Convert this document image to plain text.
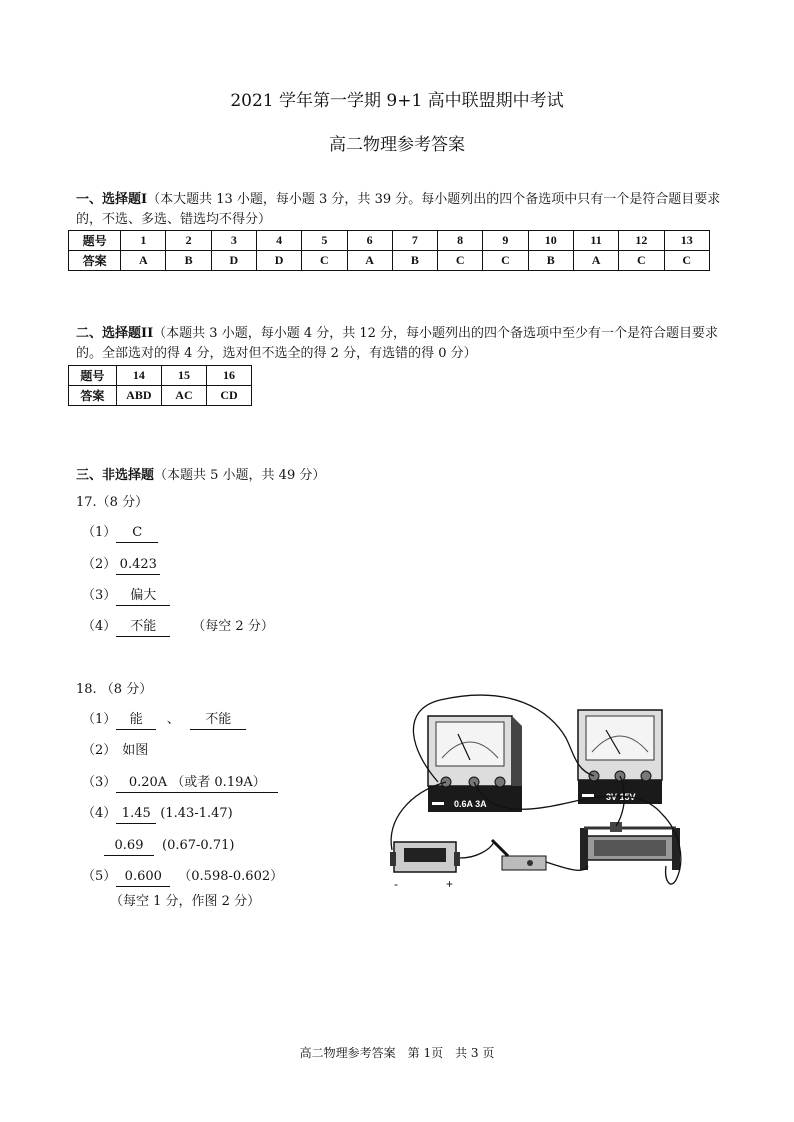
2021 学年第一学期 9+1 高中联盟期中考试
高二物理参考答案
一、选择题I（本大题共 13 小题，每小题 3 分，共 39 分。每小题列出的四个备选项中只有一个是符合题目要求的，不选、多选、错选均不得分）
题号	1	2	3	4	5	6	7	8	9	10	11	12	13
答案	A	B	D	D	C	A	B	C	C	B	A	C	C
二、选择题II（本题共 3 小题，每小题 4 分，共 12 分，每小题列出的四个备选项中至少有一个是符合题目要求的。全部选对的得 4 分，选对但不选全的得 2 分，有选错的得 0 分）
题号	14	15	16
答案	ABD	AC	CD
三、非选择题（本题共 5 小题，共 49 分）
17.（8 分）
（1） C
（2） 0.423
（3） 偏大
（4） 不能	（每空 2 分）
18. （8 分）
（1） 能 、 不能
（2） 如图
（3） 0.20A （或者 0.19A）
（4） 1.45 (1.43-1.47)
0.69 (0.67-0.71)
（5） 0.600 （0.598-0.602）
（每空 1 分，作图 2 分）
0.6A 3A
3V 15V
-	+
高二物理参考答案　第 1页　共 3 页
